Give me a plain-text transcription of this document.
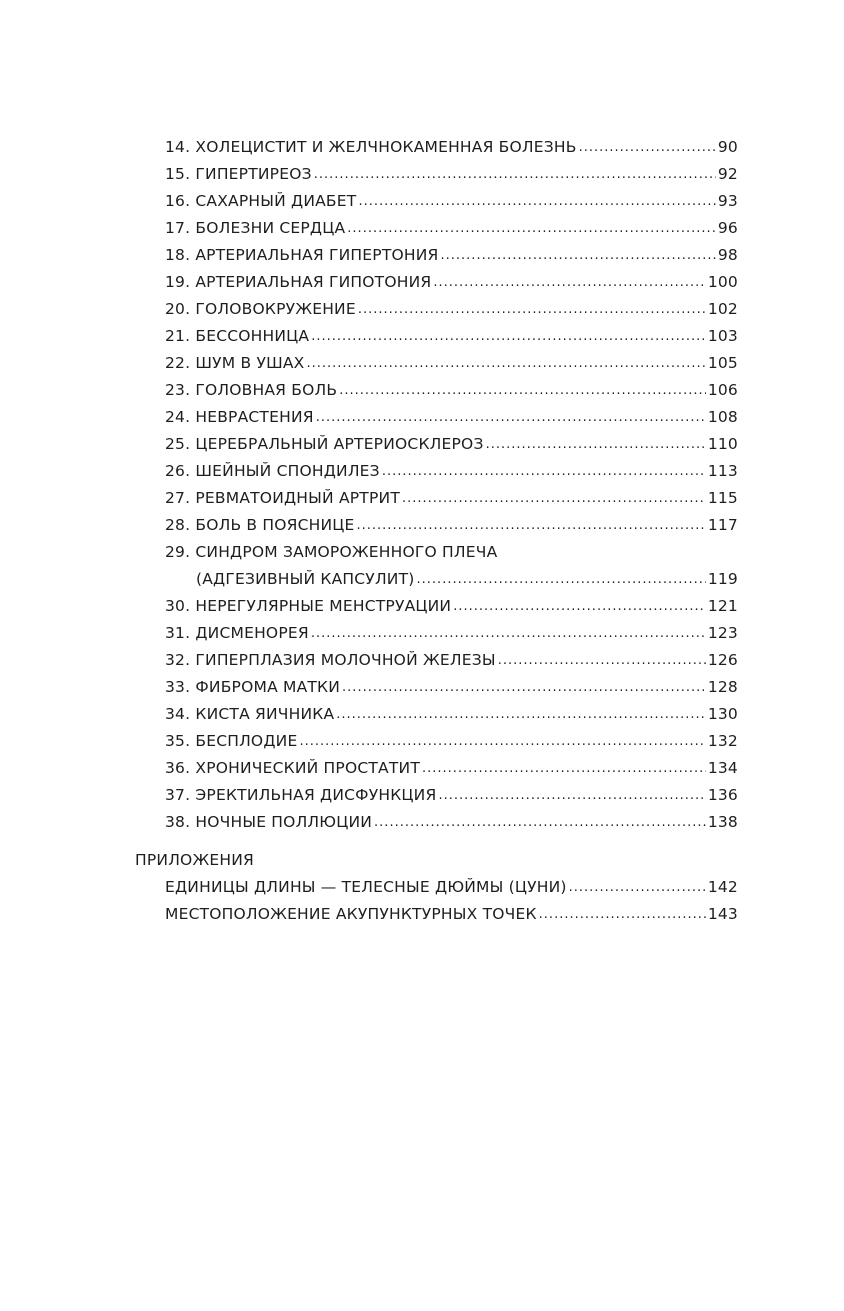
14. ХОЛЕЦИСТИТ И ЖЕЛЧНОКАМЕННАЯ БОЛЕЗНЬ .....	90
15. ГИПЕРТИРЕОЗ .....	92
16. САХАРНЫЙ ДИАБЕТ .....	93
17. БОЛЕЗНИ СЕРДЦА .....	96
18. АРТЕРИАЛЬНАЯ ГИПЕРТОНИЯ .....	98
19. АРТЕРИАЛЬНАЯ ГИПОТОНИЯ .....	100
20. ГОЛОВОКРУЖЕНИЕ .....	102
21. БЕССОННИЦА .....	103
22. ШУМ В УШАХ .....	105
23. ГОЛОВНАЯ БОЛЬ .....	106
24. НЕВРАСТЕНИЯ .....	108
25. ЦЕРЕБРАЛЬНЫЙ АРТЕРИОСКЛЕРОЗ .....	110
26. ШЕЙНЫЙ СПОНДИЛЕЗ .....	113
27. РЕВМАТОИДНЫЙ АРТРИТ .....	115
28. БОЛЬ В ПОЯСНИЦЕ .....	117
29. СИНДРОМ ЗАМОРОЖЕННОГО ПЛЕЧА
(АДГЕЗИВНЫЙ КАПСУЛИТ) .....	119
30. НЕРЕГУЛЯРНЫЕ МЕНСТРУАЦИИ .....	121
31. ДИСМЕНОРЕЯ .....	123
32. ГИПЕРПЛАЗИЯ МОЛОЧНОЙ ЖЕЛЕЗЫ .....	126
33. ФИБРОМА МАТКИ .....	128
34. КИСТА ЯИЧНИКА .....	130
35. БЕСПЛОДИЕ .....	132
36. ХРОНИЧЕСКИЙ ПРОСТАТИТ .....	134
37. ЭРЕКТИЛЬНАЯ ДИСФУНКЦИЯ .....	136
38. НОЧНЫЕ ПОЛЛЮЦИИ .....	138
ПРИЛОЖЕНИЯ
ЕДИНИЦЫ ДЛИНЫ — ТЕЛЕСНЫЕ ДЮЙМЫ (ЦУНИ) .....	142
МЕСТОПОЛОЖЕНИЕ АКУПУНКТУРНЫХ ТОЧЕК .....	143
